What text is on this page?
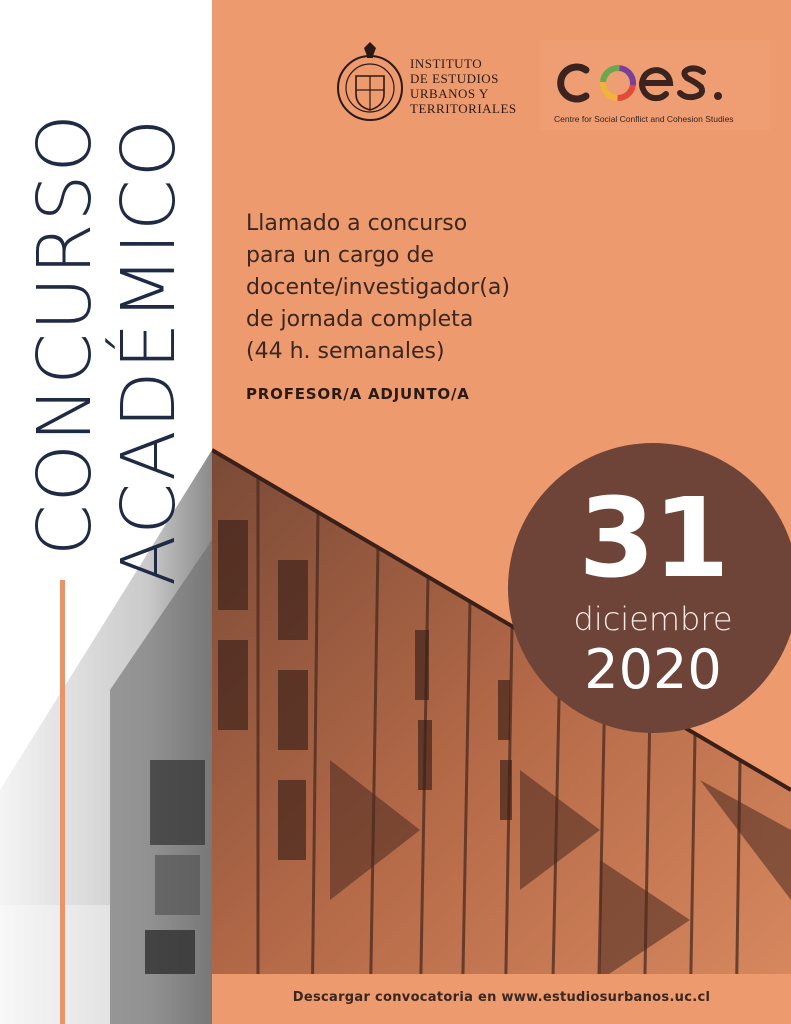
CONCURSO
ACADÉMICO
INSTITUTO
DE ESTUDIOS
URBANOS Y
TERRITORIALES
Centre for Social Conflict and Cohesion Studies
Llamado a concurso
para un cargo de
docente/investigador(a)
de jornada completa
(44 h. semanales)
PROFESOR/A ADJUNTO/A
31
diciembre
2020
Descargar convocatoria en www.estudiosurbanos.uc.cl
